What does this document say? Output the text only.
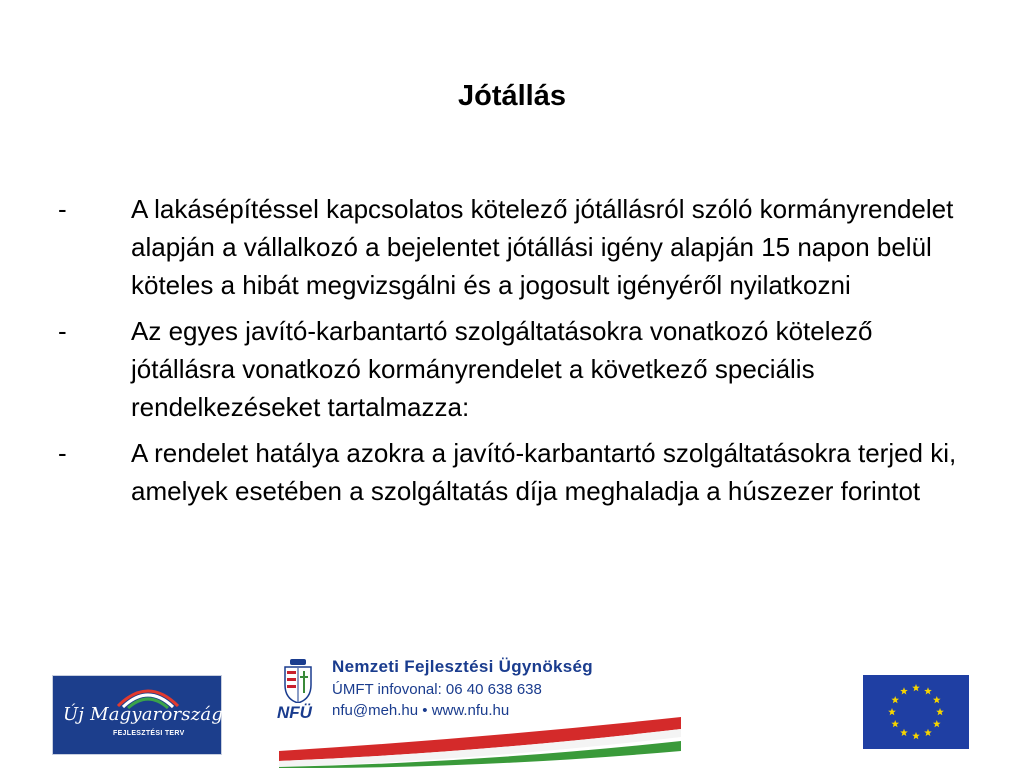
Jótállás
-	A lakásépítéssel kapcsolatos kötelező jótállásról szóló kormányrendelet alapján a vállalkozó a bejelentet jótállási igény alapján 15 napon belül köteles a hibát megvizsgálni és a jogosult igényéről nyilatkozni
-	Az egyes javító-karbantartó szolgáltatásokra vonatkozó kötelező jótállásra vonatkozó kormányrendelet a következő speciális rendelkezéseket tartalmazza:
-	A rendelet hatálya azokra a javító-karbantartó szolgáltatásokra terjed ki, amelyek esetében a szolgáltatás díja meghaladja a húszezer forintot
Új Magyarország
FEJLESZTÉSI TERV
NFÜ
Nemzeti Fejlesztési Ügynökség
ÚMFT infovonal: 06 40 638 638
nfu@meh.hu • www.nfu.hu
